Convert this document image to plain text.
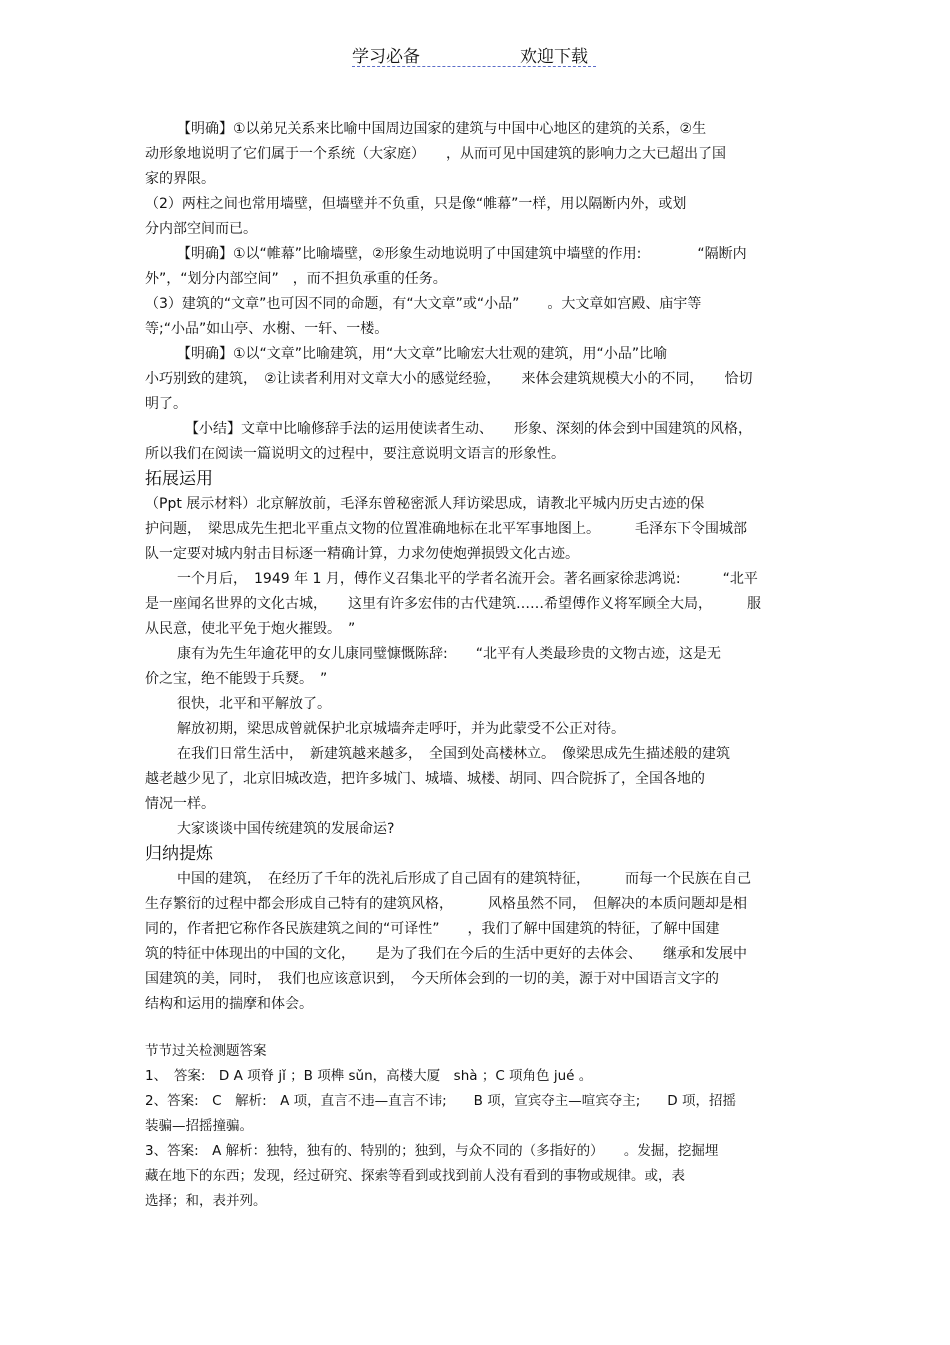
学习必备	欢迎下载

【明确】①以弟兄关系来比喻中国周边国家的建筑与中国中心地区的建筑的关系，②生

动形象地说明了它们属于一个系统（大家庭）　　，从而可见中国建筑的影响力之大已超出了国

家的界限。

（2）两柱之间也常用墙壁，但墙壁并不负重，只是像“帷幕”一样，用以隔断内外，或划

分内部空间而已。

【明确】①以“帷幕”比喻墙壁，②形象生动地说明了中国建筑中墙壁的作用:　　　　“隔断内

外”，“划分内部空间”　，而不担负承重的任务。

（3）建筑的“文章”也可因不同的命题，有“大文章”或“小品”　　。大文章如宫殿、庙宇等

等;“小品”如山亭、水榭、一轩、一楼。

【明确】①以“文章”比喻建筑，用“大文章”比喻宏大壮观的建筑，用“小品”比喻

小巧别致的建筑，　②让读者利用对文章大小的感觉经验，　　来体会建筑规模大小的不同，　　恰切

明了。

【小结】文章中比喻修辞手法的运用使读者生动、　　形象、深刻的体会到中国建筑的风格，

所以我们在阅读一篇说明文的过程中，要注意说明文语言的形象性。

拓展运用

（Ppt 展示材料）北京解放前，毛泽东曾秘密派人拜访梁思成，请教北平城内历史古迹的保

护问题，　梁思成先生把北平重点文物的位置准确地标在北平军事地图上。　　　毛泽东下令围城部

队一定要对城内射击目标逐一精确计算，力求勿使炮弹损毁文化古迹。

一个月后，　1949 年 1 月，傅作义召集北平的学者名流开会。著名画家徐悲鸿说:　　　“北平

是一座闻名世界的文化古城，　　这里有许多宏伟的古代建筑……希望傅作义将军顾全大局，　　　服

从民意，使北平免于炮火摧毁。　”

康有为先生年逾花甲的女儿康同璧慷慨陈辞:　　“北平有人类最珍贵的文物古迹，这是无

价之宝，绝不能毁于兵燹。　”

很快，北平和平解放了。

解放初期，梁思成曾就保护北京城墙奔走呼吁，并为此蒙受不公正对待。

在我们日常生活中，　新建筑越来越多，　全国到处高楼林立。　像梁思成先生描述般的建筑

越老越少见了，北京旧城改造，把许多城门、城墙、城楼、胡同、四合院拆了，全国各地的

情况一样。

大家谈谈中国传统建筑的发展命运?

归纳提炼

中国的建筑，　在经历了千年的洗礼后形成了自己固有的建筑特征，　　　而每一个民族在自己

生存繁衍的过程中都会形成自己特有的建筑风格，　　　风格虽然不同，　但解决的本质问题却是相

同的，作者把它称作各民族建筑之间的“可译性”　　，我们了解中国建筑的特征，了解中国建

筑的特征中体现出的中国的文化，　　是为了我们在今后的生活中更好的去体会、　　继承和发展中

国建筑的美，同时，　我们也应该意识到，　今天所体会到的一切的美，源于对中国语言文字的

结构和运用的揣摩和体会。

节节过关检测题答案

1、　答案:　D A 项脊 jǐ ；B 项榫 sǔn，高楼大厦　shà ；C 项角色 jué 。

2、答案:　C　解析:　A 项，直言不违—直言不讳;　　B 项，宣宾夺主—喧宾夺主;　　D 项，招摇

装骗—招摇撞骗。

3、答案:　A 解析：独特，独有的、特别的；独到，与众不同的（多指好的）　　。发掘，挖掘埋

藏在地下的东西；发现，经过研究、探索等看到或找到前人没有看到的事物或规律。或，表

选择；和，表并列。
